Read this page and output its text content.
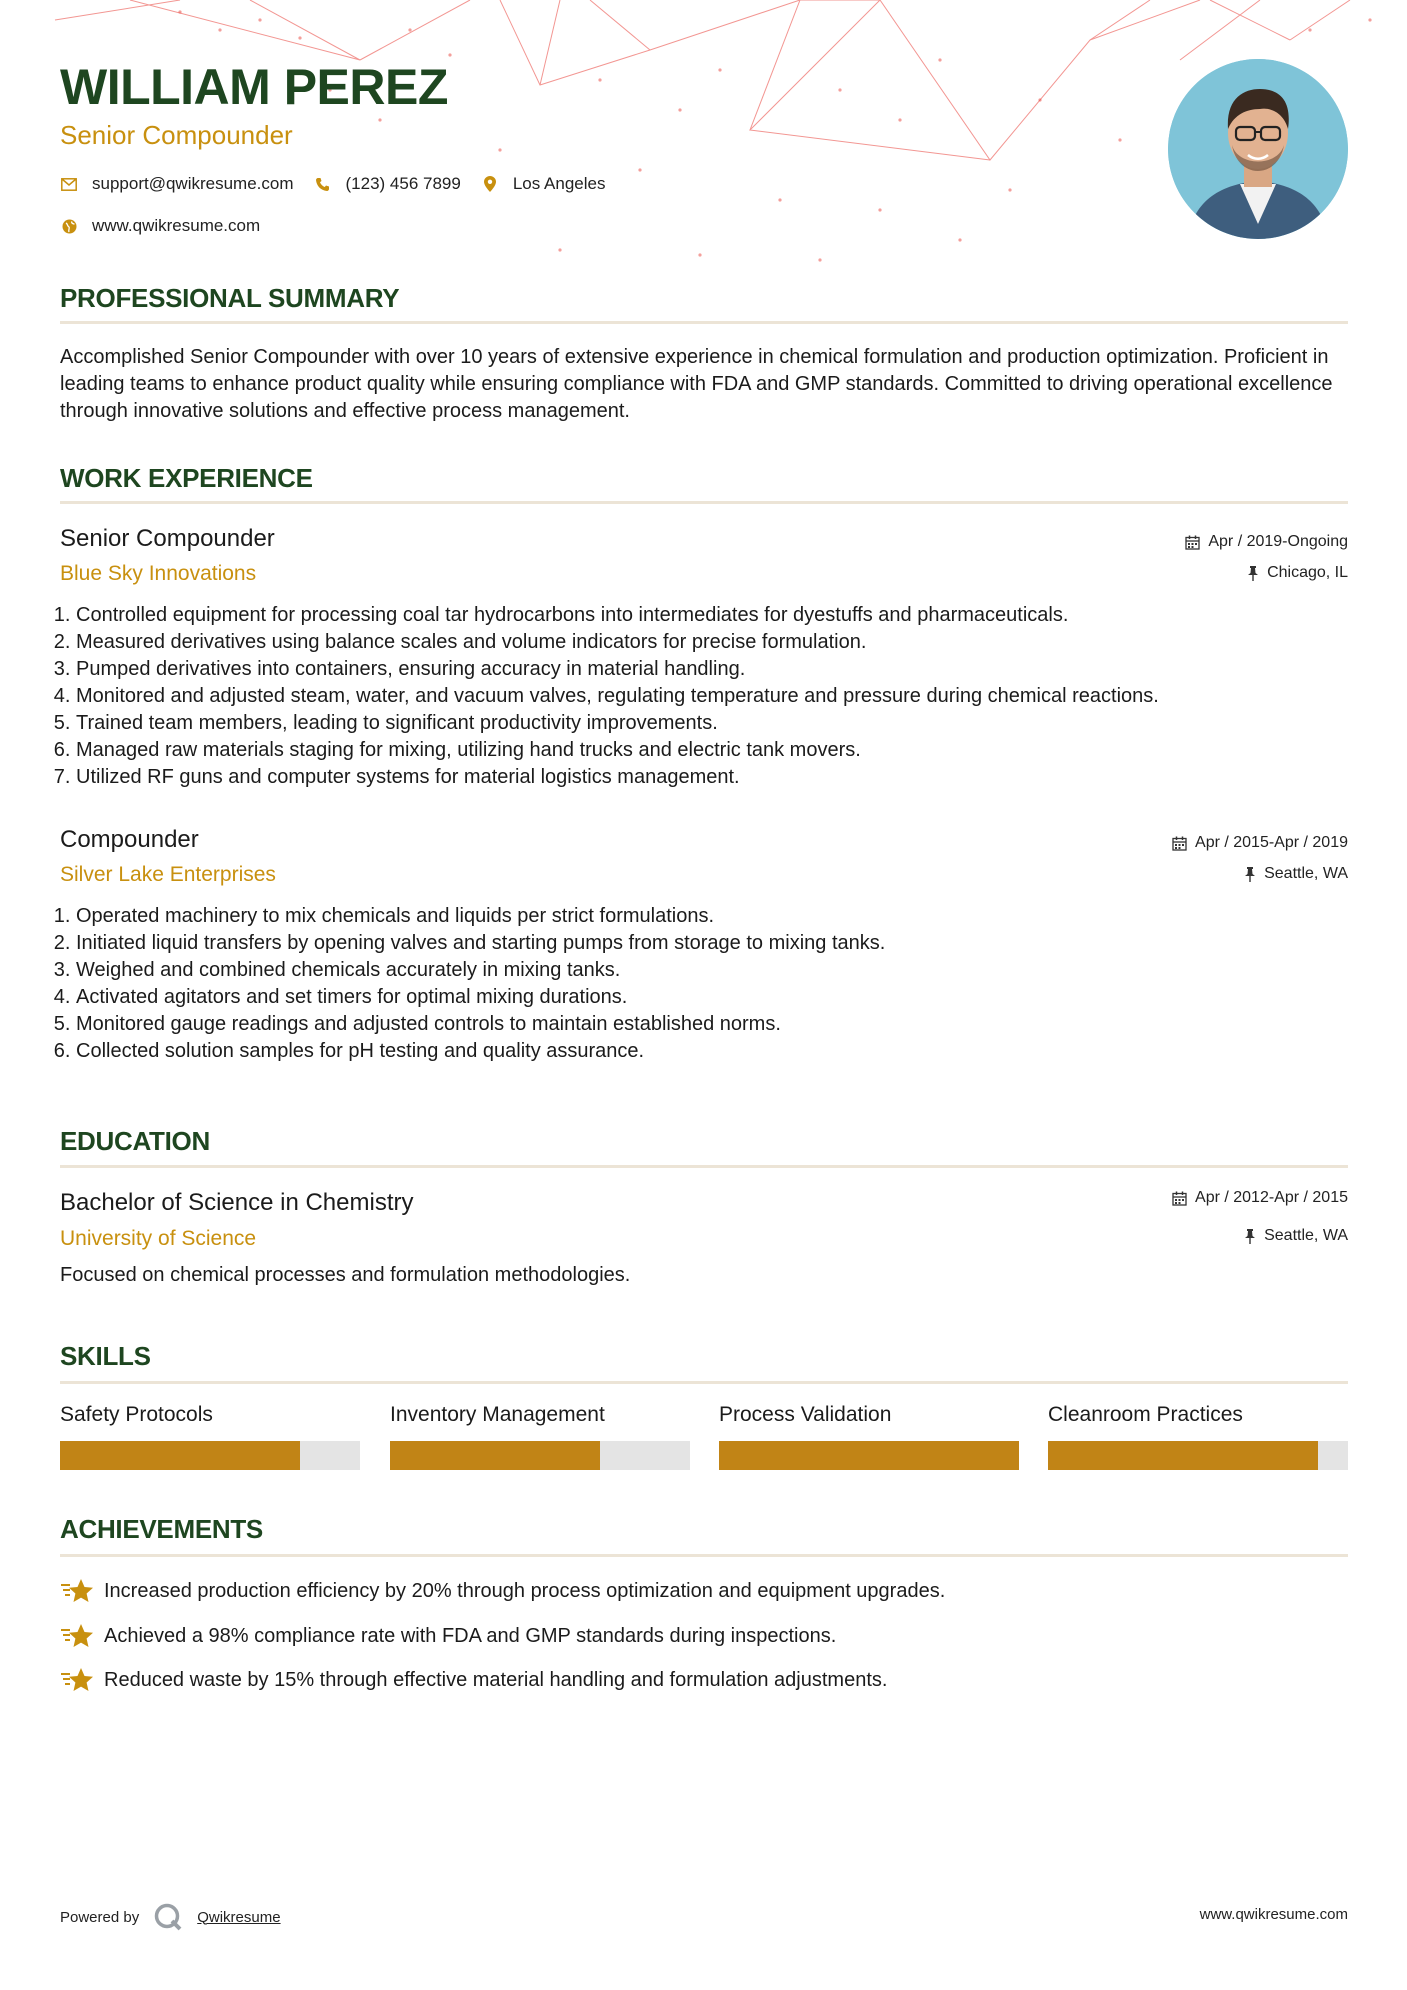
WILLIAM PEREZ
Senior Compounder
support@qwikresume.com	(123) 456 7899	Los Angeles
www.qwikresume.com
PROFESSIONAL SUMMARY
Accomplished Senior Compounder with over 10 years of extensive experience in chemical formulation and production optimization. Proficient in leading teams to enhance product quality while ensuring compliance with FDA and GMP standards. Committed to driving operational excellence through innovative solutions and effective process management.
WORK EXPERIENCE
Senior Compounder
Blue Sky Innovations
Apr / 2019-Ongoing
Chicago, IL
1. Controlled equipment for processing coal tar hydrocarbons into intermediates for dyestuffs and pharmaceuticals.
2. Measured derivatives using balance scales and volume indicators for precise formulation.
3. Pumped derivatives into containers, ensuring accuracy in material handling.
4. Monitored and adjusted steam, water, and vacuum valves, regulating temperature and pressure during chemical reactions.
5. Trained team members, leading to significant productivity improvements.
6. Managed raw materials staging for mixing, utilizing hand trucks and electric tank movers.
7. Utilized RF guns and computer systems for material logistics management.
Compounder
Silver Lake Enterprises
Apr / 2015-Apr / 2019
Seattle, WA
1. Operated machinery to mix chemicals and liquids per strict formulations.
2. Initiated liquid transfers by opening valves and starting pumps from storage to mixing tanks.
3. Weighed and combined chemicals accurately in mixing tanks.
4. Activated agitators and set timers for optimal mixing durations.
5. Monitored gauge readings and adjusted controls to maintain established norms.
6. Collected solution samples for pH testing and quality assurance.
EDUCATION
Bachelor of Science in Chemistry
University of Science
Apr / 2012-Apr / 2015
Seattle, WA
Focused on chemical processes and formulation methodologies.
SKILLS
Safety Protocols	Inventory Management	Process Validation	Cleanroom Practices
ACHIEVEMENTS
Increased production efficiency by 20% through process optimization and equipment upgrades.
Achieved a 98% compliance rate with FDA and GMP standards during inspections.
Reduced waste by 15% through effective material handling and formulation adjustments.
Powered by	Qwikresume	www.qwikresume.com
